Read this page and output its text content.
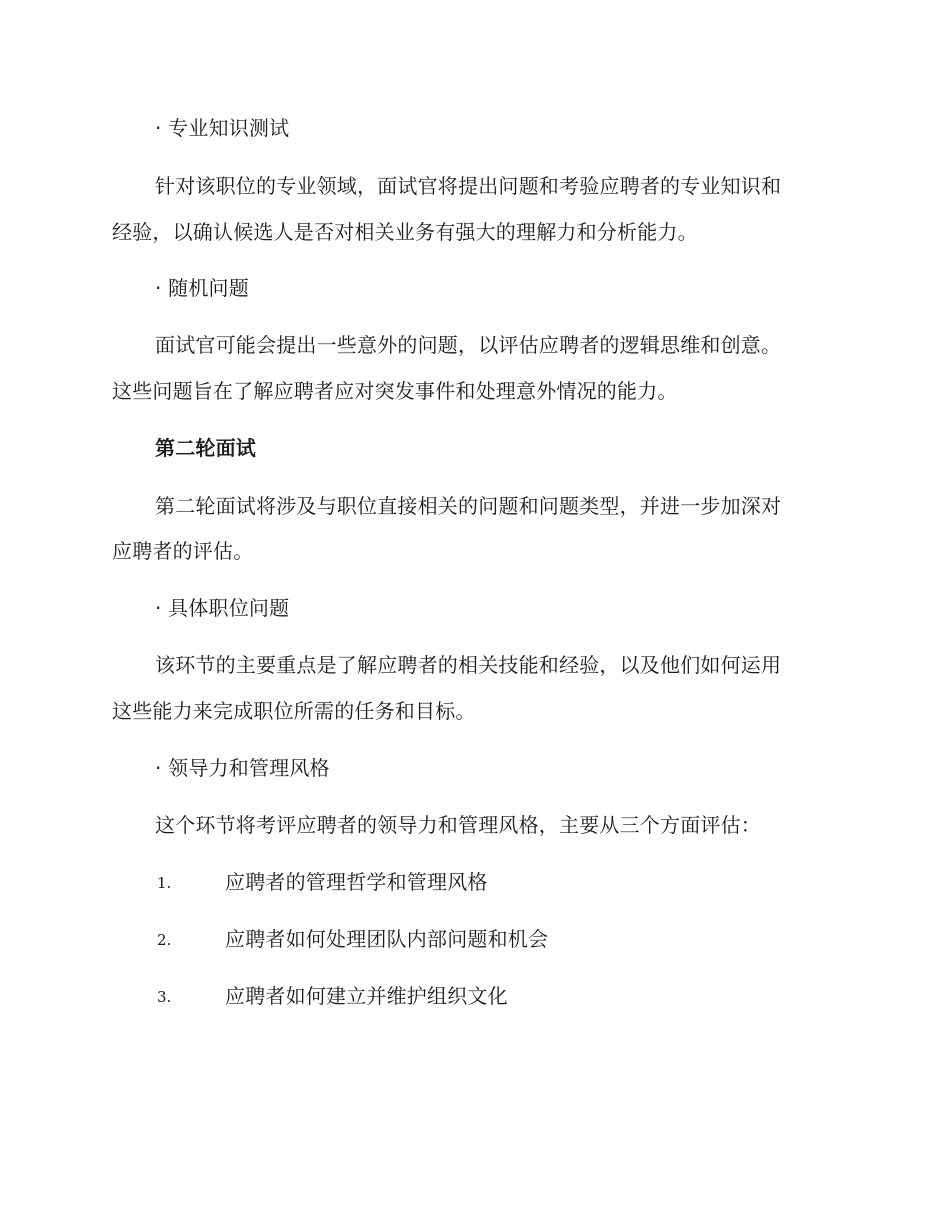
· 专业知识测试
针对该职位的专业领域，面试官将提出问题和考验应聘者的专业知识和
经验，以确认候选人是否对相关业务有强大的理解力和分析能力。
· 随机问题
面试官可能会提出一些意外的问题，以评估应聘者的逻辑思维和创意。
这些问题旨在了解应聘者应对突发事件和处理意外情况的能力。
第二轮面试
第二轮面试将涉及与职位直接相关的问题和问题类型，并进一步加深对
应聘者的评估。
· 具体职位问题
该环节的主要重点是了解应聘者的相关技能和经验，以及他们如何运用
这些能力来完成职位所需的任务和目标。
· 领导力和管理风格
这个环节将考评应聘者的领导力和管理风格，主要从三个方面评估：
1.	应聘者的管理哲学和管理风格
2.	应聘者如何处理团队内部问题和机会
3.	应聘者如何建立并维护组织文化
